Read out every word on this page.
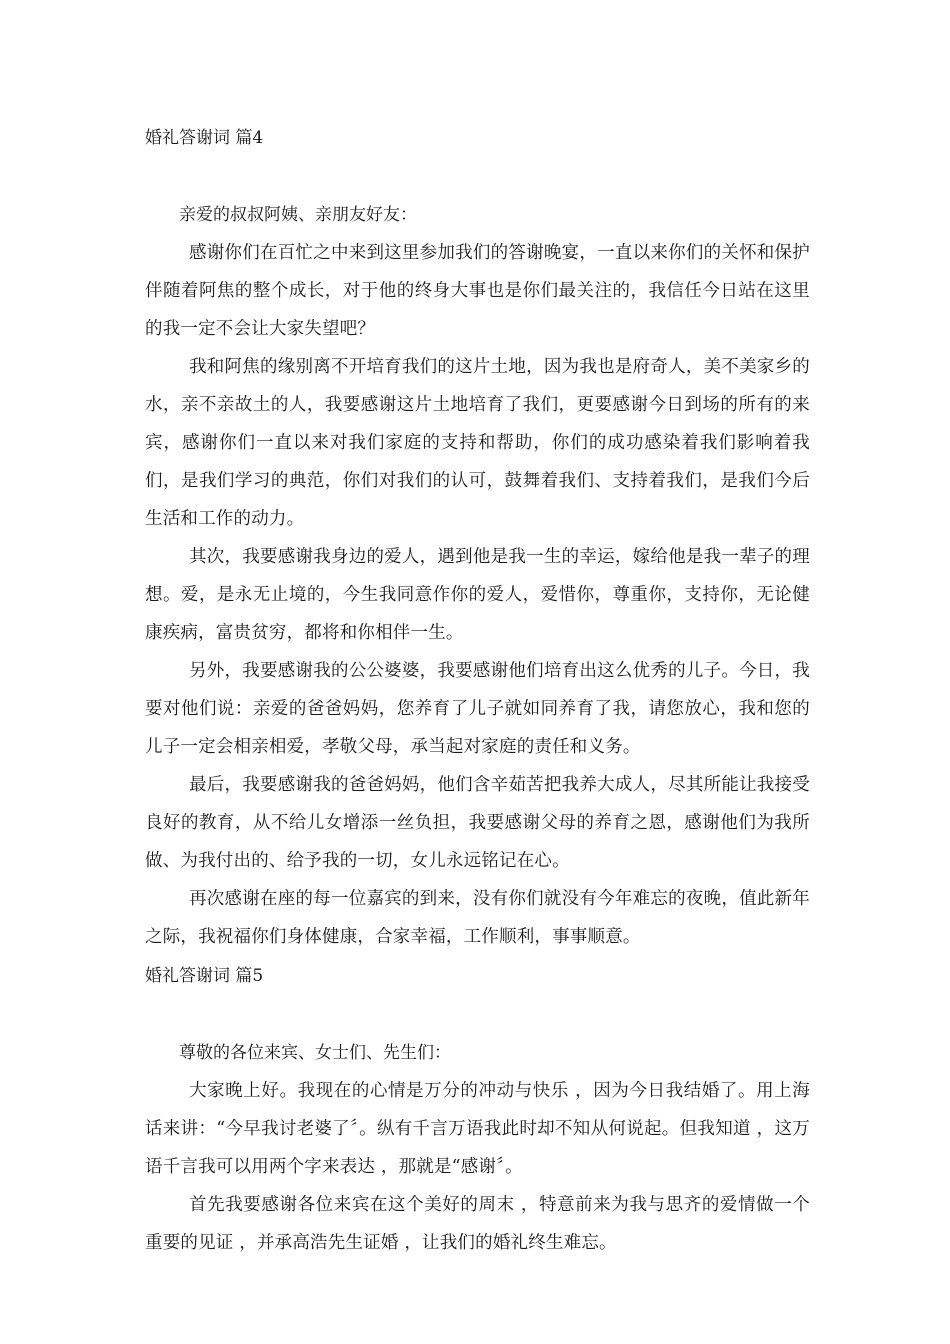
婚礼答谢词 篇4

亲爱的叔叔阿姨、亲朋友好友：

感谢你们在百忙之中来到这里参加我们的答谢晚宴，一直以来你们的关怀和保护伴随着阿焦的整个成长，对于他的终身大事也是你们最关注的，我信任今日站在这里的我一定不会让大家失望吧？

我和阿焦的缘别离不开培育我们的这片土地，因为我也是府奇人，美不美家乡的水，亲不亲故土的人，我要感谢这片土地培育了我们，更要感谢今日到场的所有的来宾，感谢你们一直以来对我们家庭的支持和帮助，你们的成功感染着我们影响着我们，是我们学习的典范，你们对我们的认可，鼓舞着我们、支持着我们，是我们今后生活和工作的动力。

其次，我要感谢我身边的爱人，遇到他是我一生的幸运，嫁给他是我一辈子的理想。爱，是永无止境的，今生我同意作你的爱人，爱惜你，尊重你，支持你，无论健康疾病，富贵贫穷，都将和你相伴一生。

另外，我要感谢我的公公婆婆，我要感谢他们培育出这么优秀的儿子。今日，我要对他们说：亲爱的爸爸妈妈，您养育了儿子就如同养育了我，请您放心，我和您的儿子一定会相亲相爱，孝敬父母，承当起对家庭的责任和义务。

最后，我要感谢我的爸爸妈妈，他们含辛茹苦把我养大成人，尽其所能让我接受良好的教育，从不给儿女增添一丝负担，我要感谢父母的养育之恩，感谢他们为我所做、为我付出的、给予我的一切，女儿永远铭记在心。

再次感谢在座的每一位嘉宾的到来，没有你们就没有今年难忘的夜晚，值此新年之际，我祝福你们身体健康，合家幸福，工作顺利，事事顺意。

婚礼答谢词 篇5

尊敬的各位来宾、女士们、先生们：

大家晚上好。我现在的心情是万分的冲动与快乐 ，因为今日我结婚了。用上海话来讲：“今早我讨老婆了〞。纵有千言万语我此时却不知从何说起。但我知道 ，这万语千言我可以用两个字来表达 ，那就是“感谢〞。

首先我要感谢各位来宾在这个美好的周末 ，特意前来为我与思齐的爱情做一个重要的见证 ，并承高浩先生证婚 ，让我们的婚礼终生难忘。
